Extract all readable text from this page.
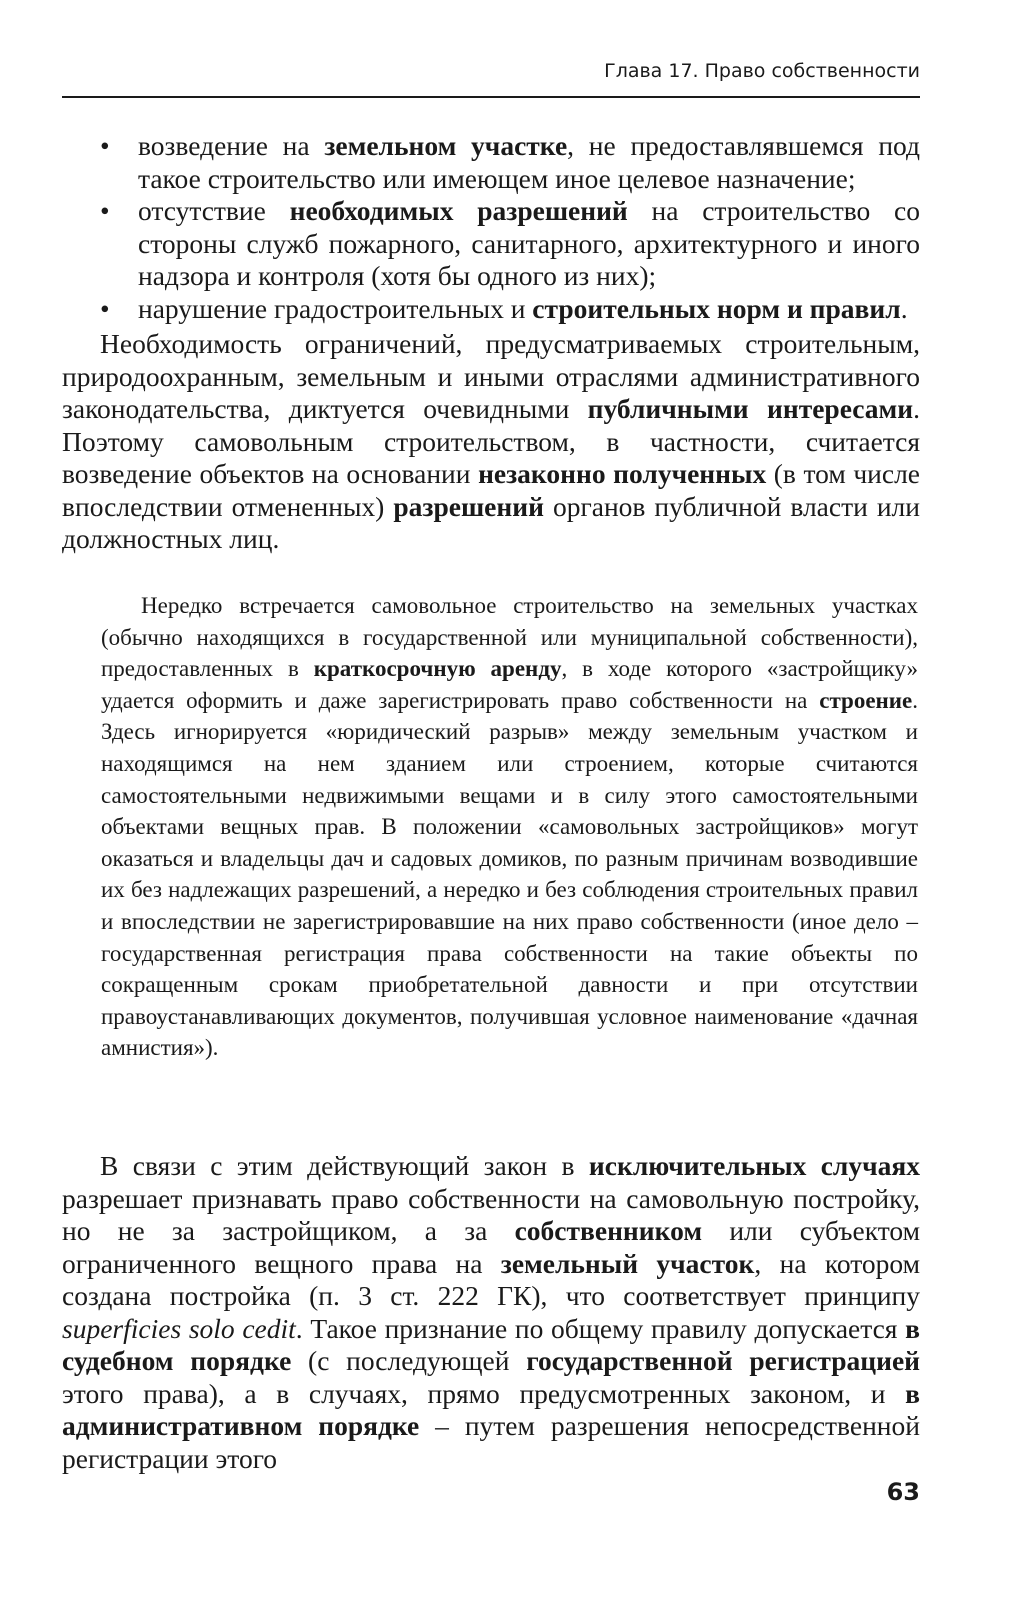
Глава 17. Право собственности
• возведение на земельном участке, не предоставлявшемся под такое строительство или имеющем иное целевое назначение;
• отсутствие необходимых разрешений на строительство со стороны служб пожарного, санитарного, архитектурного и иного надзора и контроля (хотя бы одного из них);
• нарушение градостроительных и строительных норм и правил.

Необходимость ограничений, предусматриваемых строительным, природоохранным, земельным и иными отраслями административного законодательства, диктуется очевидными публичными интересами. Поэтому самовольным строительством, в частности, считается возведение объектов на основании незаконно полученных (в том числе впоследствии отмененных) разрешений органов публичной власти или должностных лиц.

Нередко встречается самовольное строительство на земельных участках (обычно находящихся в государственной или муниципальной собственности), предоставленных в краткосрочную аренду, в ходе которого «застройщику» удается оформить и даже зарегистрировать право собственности на строение. Здесь игнорируется «юридический разрыв» между земельным участком и находящимся на нем зданием или строением, которые считаются самостоятельными недвижимыми вещами и в силу этого самостоятельными объектами вещных прав. В положении «самовольных застройщиков» могут оказаться и владельцы дач и садовых домиков, по разным причинам возводившие их без надлежащих разрешений, а нередко и без соблюдения строительных правил и впоследствии не зарегистрировавшие на них право собственности (иное дело – государственная регистрация права собственности на такие объекты по сокращенным срокам приобретательной давности и при отсутствии правоустанавливающих документов, получившая условное наименование «дачная амнистия»).

В связи с этим действующий закон в исключительных случаях разрешает признавать право собственности на самовольную постройку, но не за застройщиком, а за собственником или субъектом ограниченного вещного права на земельный участок, на котором создана постройка (п. 3 ст. 222 ГК), что соответствует принципу superficies solo cedit. Такое признание по общему правилу допускается в судебном порядке (с последующей государственной регистрацией этого права), а в случаях, прямо предусмотренных законом, и в административном порядке – путем разрешения непосредственной регистрации этого

63
